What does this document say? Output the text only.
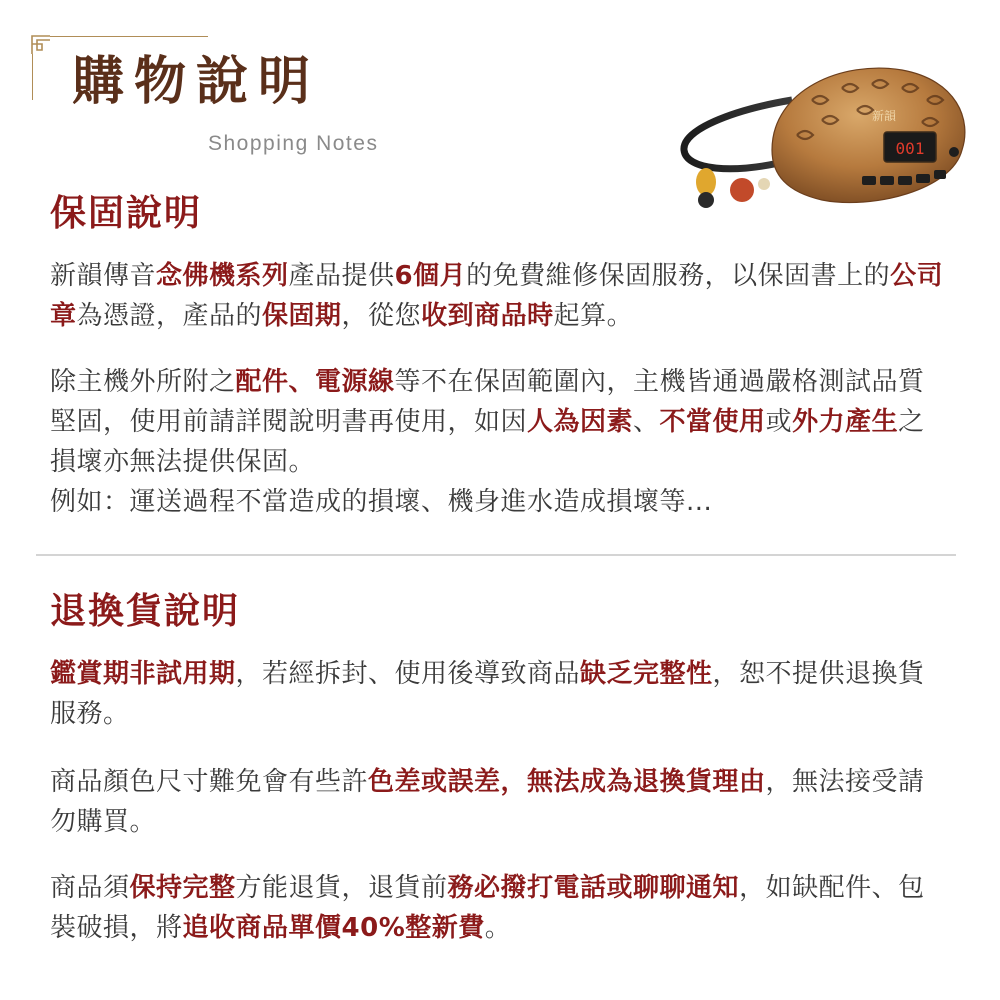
購物說明
Shopping Notes
新韻
001
保固說明

新韻傳音念佛機系列產品提供6個月的免費維修保固服務，以保固書上的公司章為憑證，產品的保固期，從您收到商品時起算。

除主機外所附之配件、電源線等不在保固範圍內，主機皆通過嚴格測試品質堅固，使用前請詳閱說明書再使用，如因人為因素、不當使用或外力產生之損壞亦無法提供保固。

例如：運送過程不當造成的損壞、機身進水造成損壞等...

退換貨說明

鑑賞期非試用期，若經拆封、使用後導致商品缺乏完整性，恕不提供退換貨服務。

商品顏色尺寸難免會有些許色差或誤差，無法成為退換貨理由，無法接受請勿購買。

商品須保持完整方能退貨，退貨前務必撥打電話或聊聊通知，如缺配件、包裝破損，將追收商品單價40%整新費。
